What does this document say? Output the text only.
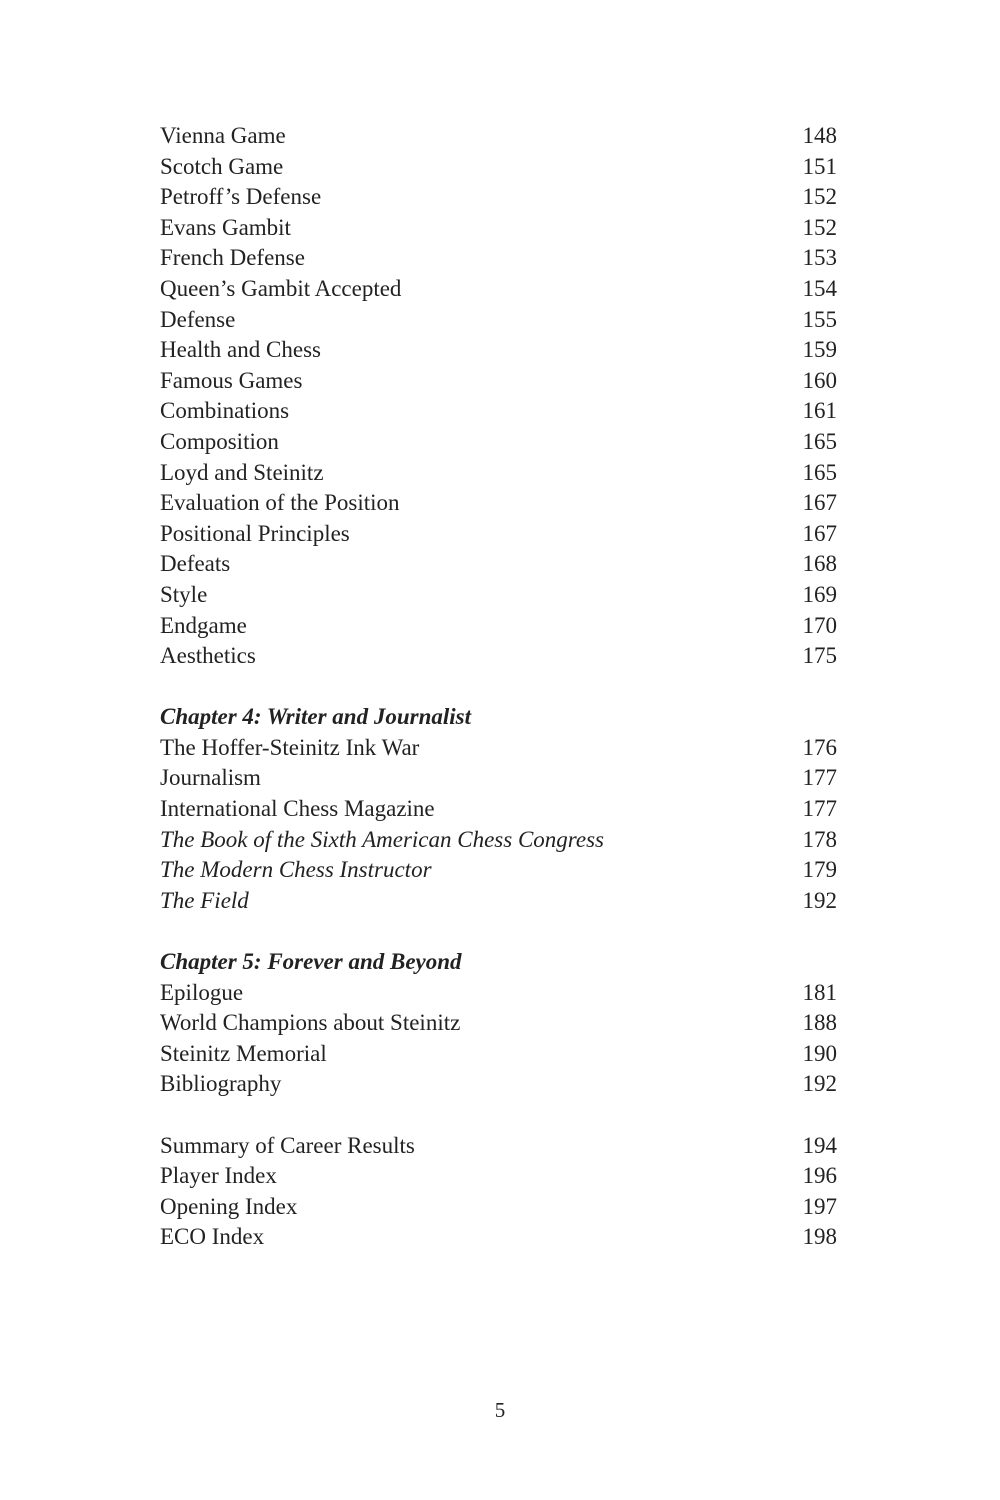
Vienna Game	148
Scotch Game	151
Petroff’s Defense	152
Evans Gambit	152
French Defense	153
Queen’s Gambit Accepted	154
Defense	155
Health and Chess	159
Famous Games	160
Combinations	161
Composition	165
Loyd and Steinitz	165
Evaluation of the Position	167
Positional Principles	167
Defeats	168
Style	169
Endgame	170
Aesthetics	175
Chapter 4: Writer and Journalist
The Hoffer-Steinitz Ink War	176
Journalism	177
International Chess Magazine	177
The Book of the Sixth American Chess Congress	178
The Modern Chess Instructor	179
The Field	192
Chapter 5: Forever and Beyond
Epilogue	181
World Champions about Steinitz	188
Steinitz Memorial	190
Bibliography	192
Summary of Career Results	194
Player Index	196
Opening Index	197
ECO Index	198
5
